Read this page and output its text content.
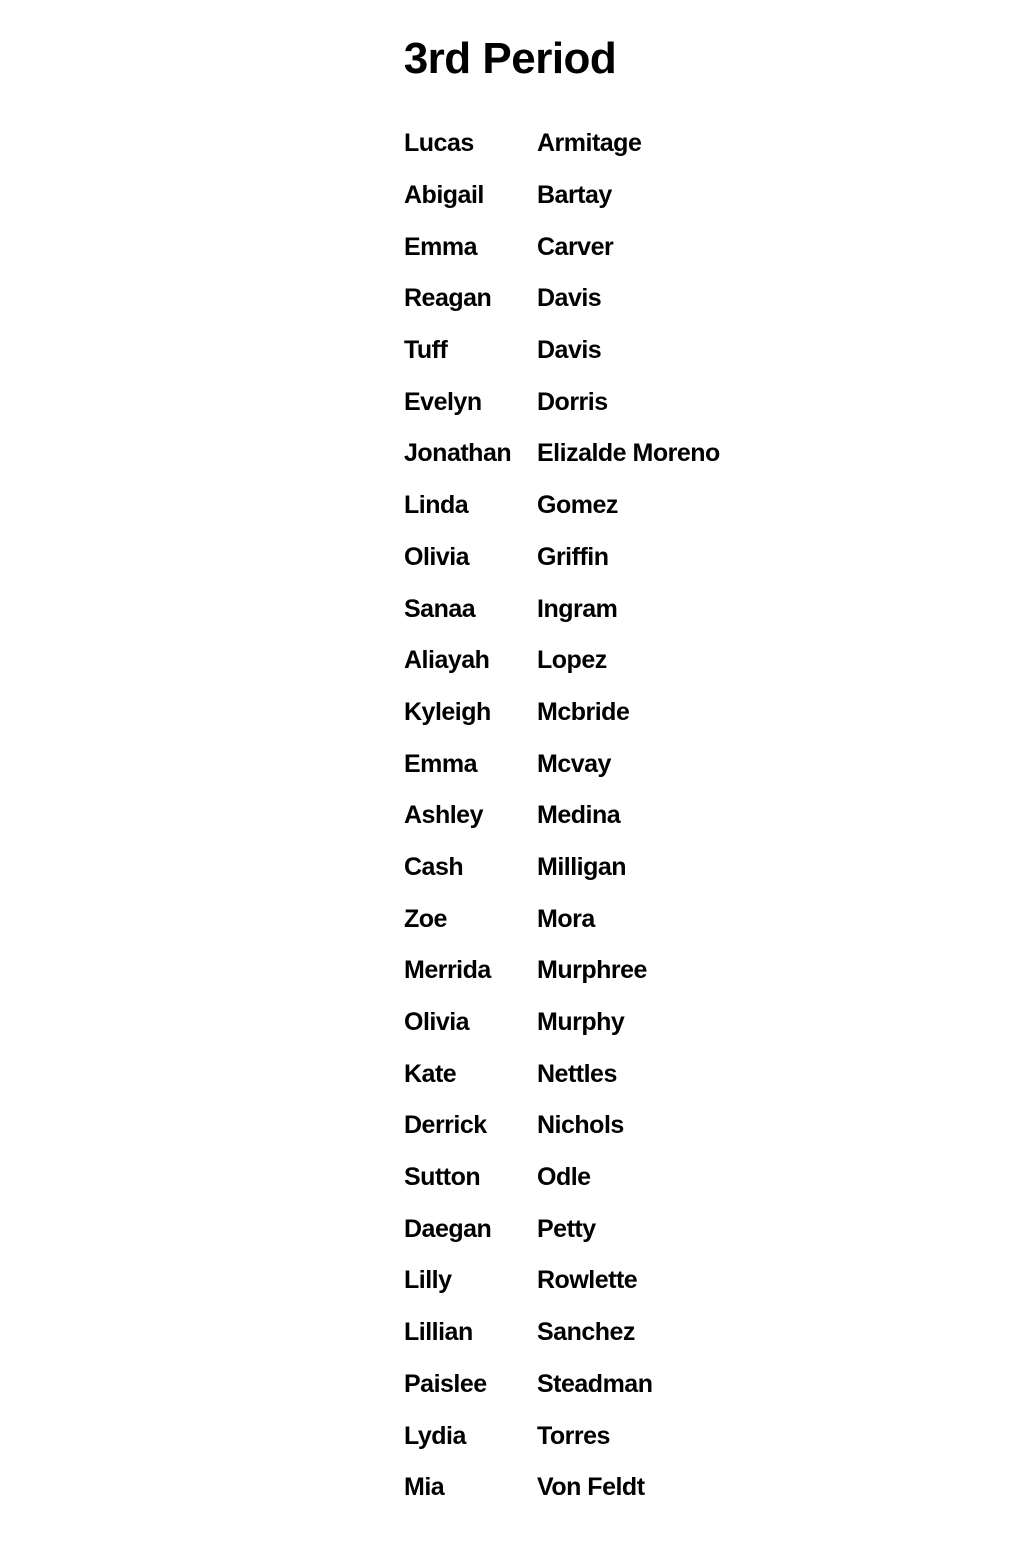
3rd Period
Lucas	Armitage
Abigail	Bartay
Emma	Carver
Reagan	Davis
Tuff	Davis
Evelyn	Dorris
Jonathan	Elizalde Moreno
Linda	Gomez
Olivia	Griffin
Sanaa	Ingram
Aliayah	Lopez
Kyleigh	Mcbride
Emma	Mcvay
Ashley	Medina
Cash	Milligan
Zoe	Mora
Merrida	Murphree
Olivia	Murphy
Kate	Nettles
Derrick	Nichols
Sutton	Odle
Daegan	Petty
Lilly	Rowlette
Lillian	Sanchez
Paislee	Steadman
Lydia	Torres
Mia	Von Feldt
